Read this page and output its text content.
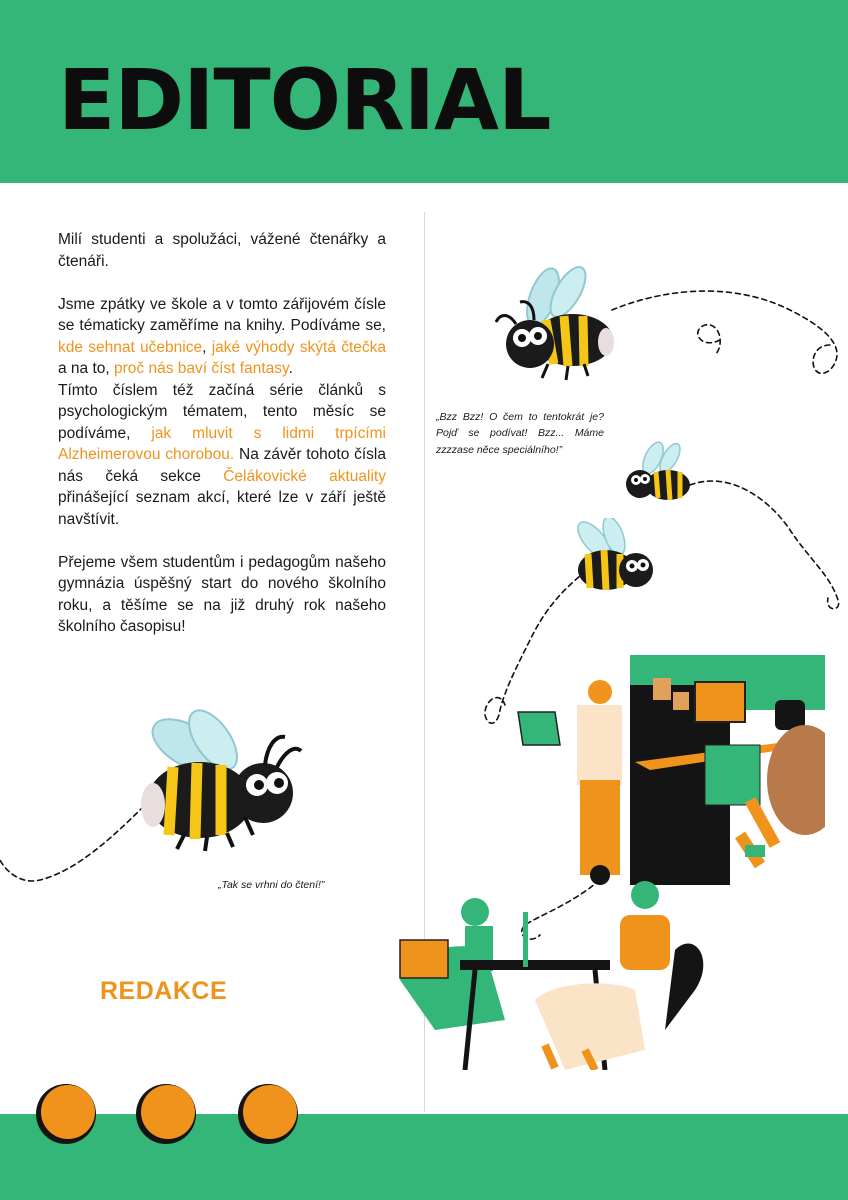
EDITORIAL

Milí studenti a spolužáci, vážené čtenářky a čtenáři.

Jsme zpátky ve škole a v tomto zářijovém čísle se tématicky zaměříme na knihy. Podíváme se, kde sehnat učebnice, jaké výhody skýtá čtečka a na to, proč nás baví číst fantasy.

Tímto číslem též začíná série článků s psychologickým tématem, tento měsíc se podíváme, jak mluvit s lidmi trpícími Alzheimerovou chorobou. Na závěr tohoto čísla nás čeká sekce Čelákovické aktuality přinášející seznam akcí, které lze v září ještě navštívit.

Přejeme všem studentům i pedagogům našeho gymnázia úspěšný start do nového školního roku, a těšíme se na již druhý rok našeho školního časopisu!

„Bzz Bzz! O čem to tentokrát je? Pojď se podívat! Bzz... Máme zzzzase něce speciálního!”

„Tak se vrhni do čtení!”

REDAKCE
